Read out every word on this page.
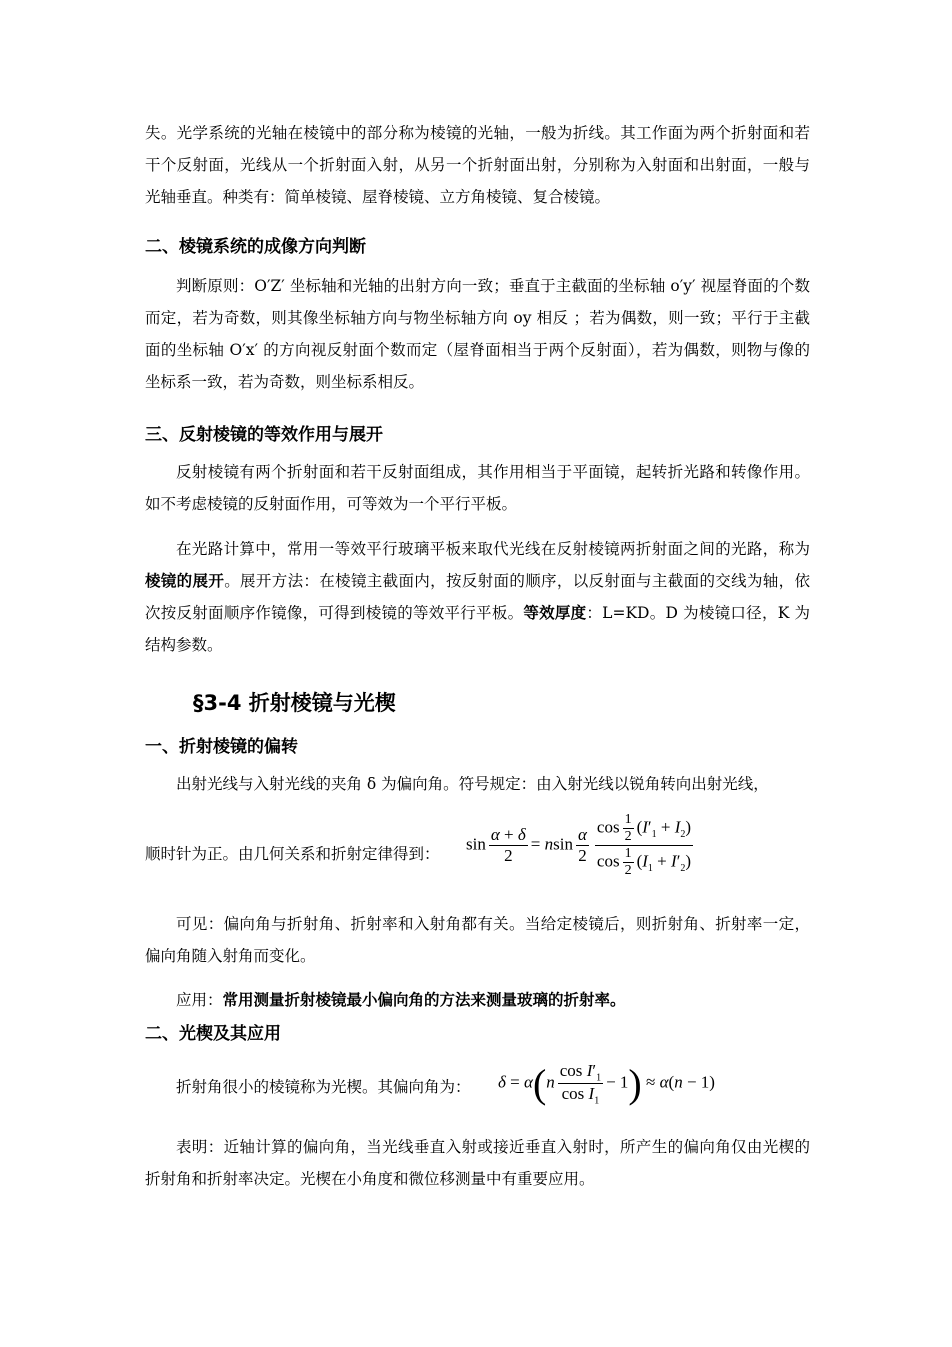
失。光学系统的光轴在棱镜中的部分称为棱镜的光轴，一般为折线。其工作面为两个折射面和若干个反射面，光线从一个折射面入射，从另一个折射面出射，分别称为入射面和出射面，一般与光轴垂直。种类有：简单棱镜、屋脊棱镜、立方角棱镜、复合棱镜。

二、棱镜系统的成像方向判断

判断原则：O′Z′ 坐标轴和光轴的出射方向一致；垂直于主截面的坐标轴 o′y′ 视屋脊面的个数而定，若为奇数，则其像坐标轴方向与物坐标轴方向 oy 相反 ；若为偶数，则一致；平行于主截面的坐标轴 O′x′ 的方向视反射面个数而定（屋脊面相当于两个反射面），若为偶数，则物与像的坐标系一致，若为奇数，则坐标系相反。

三、反射棱镜的等效作用与展开

反射棱镜有两个折射面和若干反射面组成，其作用相当于平面镜，起转折光路和转像作用。如不考虑棱镜的反射面作用，可等效为一个平行平板。

在光路计算中，常用一等效平行玻璃平板来取代光线在反射棱镜两折射面之间的光路，称为棱镜的展开。展开方法：在棱镜主截面内，按反射面的顺序，以反射面与主截面的交线为轴，依次按反射面顺序作镜像，可得到棱镜的等效平行平板。等效厚度：L=KD。D 为棱镜口径，K 为结构参数。

§3-4 折射棱镜与光楔
一、折射棱镜的偏转

出射光线与入射光线的夹角 δ 为偏向角。符号规定：由入射光线以锐角转向出射光线，

顺时针为正。由几何关系和折射定律得到：

$\sin \frac{\alpha + \delta}{2} = nsin \frac{\alpha}{2} \frac{\cos \frac{1}{2} (I'_1 + I_2)}{\cos \frac{1}{2} (I_1 + I'_2)}$

可见：偏向角与折射角、折射率和入射角都有关。当给定棱镜后，则折射角、折射率一定，偏向角随入射角而变化。

应用：常用测量折射棱镜最小偏向角的方法来测量玻璃的折射率。

二、光楔及其应用

折射角很小的棱镜称为光楔。其偏向角为： $\delta = \alpha(n \frac{\cos I'_1}{\cos I_1} - 1) \approx \alpha(n - 1)$

表明：近轴计算的偏向角，当光线垂直入射或接近垂直入射时，所产生的偏向角仅由光楔的折射角和折射率决定。光楔在小角度和微位移测量中有重要应用。
